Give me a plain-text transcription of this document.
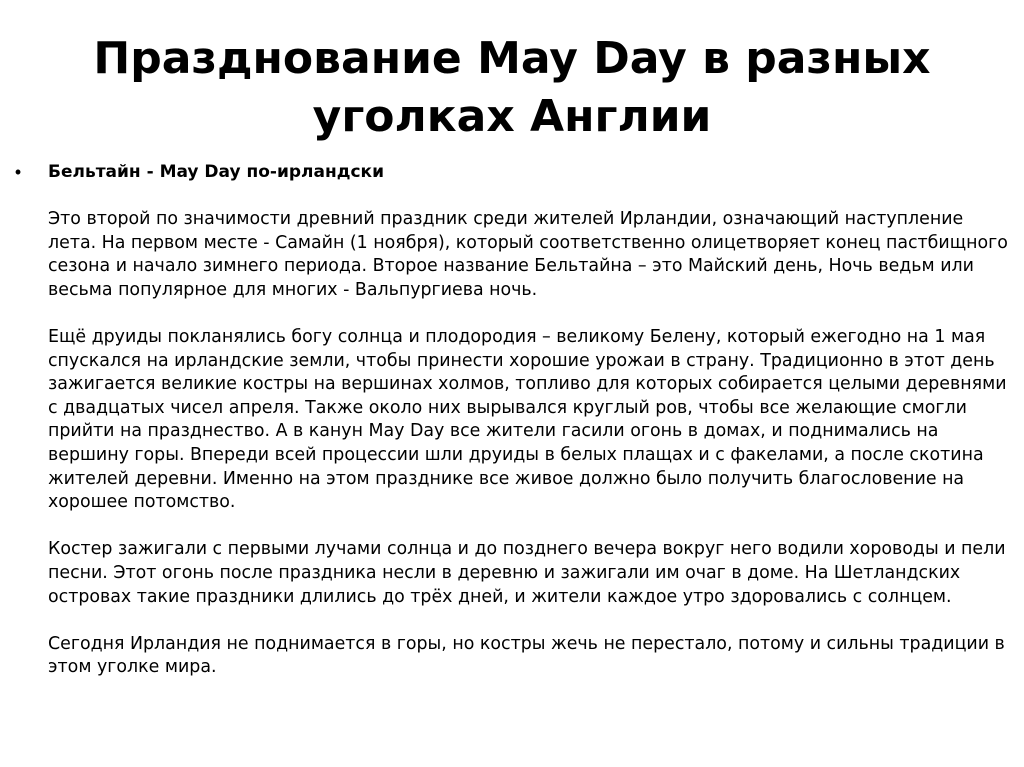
Празднование May Day в разных
уголках Англии
•	Бельтайн - May Day по-ирландски

Это второй по значимости древний праздник среди жителей Ирландии, означающий наступление лета. На первом месте - Самайн (1 ноября), который соответственно олицетворяет конец пастбищного сезона и начало зимнего периода. Второе название Бельтайна – это Майский день, Ночь ведьм или весьма популярное для многих - Вальпургиева ночь.

Ещё друиды покланялись богу солнца и плодородия – великому Белену, который ежегодно на 1 мая спускался на ирландские земли, чтобы принести хорошие урожаи в страну. Традиционно в этот день зажигается великие костры на вершинах холмов, топливо для которых собирается целыми деревнями с двадцатых чисел апреля. Также около них вырывался круглый ров, чтобы все желающие смогли прийти на празднество. А в канун May Day все жители гасили огонь в домах, и поднимались на вершину горы. Впереди всей процессии шли друиды в белых плащах и с факелами, а после скотина жителей деревни. Именно на этом празднике все живое должно было получить благословение на хорошее потомство.

Костер зажигали с первыми лучами солнца и до позднего вечера вокруг него водили хороводы и пели песни. Этот огонь после праздника несли в деревню и зажигали им очаг в доме. На Шетландских островах такие праздники длились до трёх дней, и жители каждое утро здоровались с солнцем.

Сегодня Ирландия не поднимается в горы, но костры жечь не перестало, потому и сильны традиции в этом уголке мира.
